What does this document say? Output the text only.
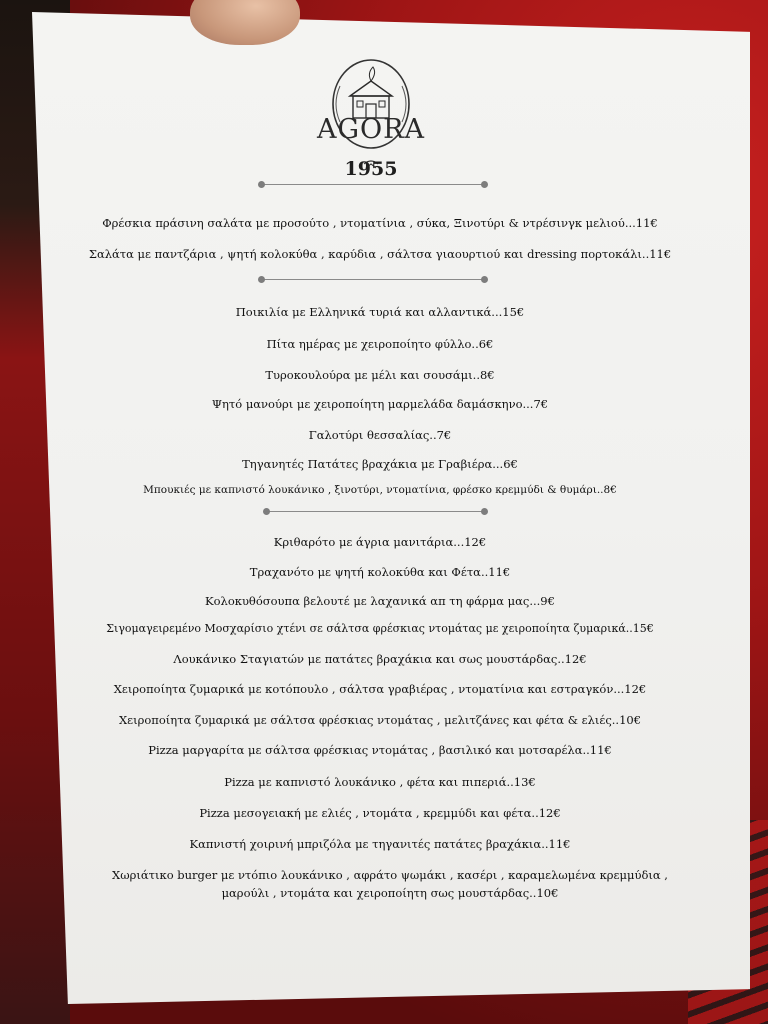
AGORA
1955
Φρέσκια πράσινη σαλάτα με προσούτο , ντοματίνια , σύκα, Ξινοτύρι & ντρέσινγκ μελιού...11€
Σαλάτα με παντζάρια , ψητή κολοκύθα , καρύδια , σάλτσα γιαουρτιού και dressing πορτοκάλι..11€
Ποικιλία με Ελληνικά τυριά και αλλαντικά...15€
Πίτα ημέρας με χειροποίητο φύλλο..6€
Τυροκουλούρα με μέλι και σουσάμι..8€
Ψητό μανούρι με χειροποίητη μαρμελάδα δαμάσκηνο...7€
Γαλοτύρι θεσσαλίας..7€
Τηγανητές Πατάτες βραχάκια με Γραβιέρα...6€
Μπουκιές με καπνιστό λουκάνικο , ξινοτύρι, ντοματίνια, φρέσκο κρεμμύδι & θυμάρι..8€
Κριθαρότο με άγρια μανιτάρια...12€
Τραχανότο με ψητή κολοκύθα και Φέτα..11€
Κολοκυθόσουπα βελουτέ με λαχανικά απ τη φάρμα μας...9€
Σιγομαγειρεμένο Μοσχαρίσιο χτένι σε σάλτσα φρέσκιας ντομάτας με χειροποίητα ζυμαρικά..15€
Λουκάνικο Σταγιατών με πατάτες βραχάκια και σως μουστάρδας..12€
Χειροποίητα ζυμαρικά με κοτόπουλο , σάλτσα γραβιέρας , ντοματίνια και εστραγκόν...12€
Χειροποίητα ζυμαρικά με σάλτσα φρέσκιας ντομάτας , μελιτζάνες και φέτα & ελιές..10€
Pizza μαργαρίτα με σάλτσα φρέσκιας ντομάτας , βασιλικό και μοτσαρέλα..11€
Pizza με καπνιστό λουκάνικο , φέτα και πιπεριά..13€
Pizza μεσογειακή με ελιές , ντομάτα , κρεμμύδι και φέτα..12€
Καπνιστή χοιρινή μπριζόλα με τηγανιτές πατάτες βραχάκια..11€
Χωριάτικο burger με ντόπιο λουκάνικο , αφράτο ψωμάκι , κασέρι , καραμελωμένα κρεμμύδια , μαρούλι , ντομάτα και χειροποίητη σως μουστάρδας..10€
